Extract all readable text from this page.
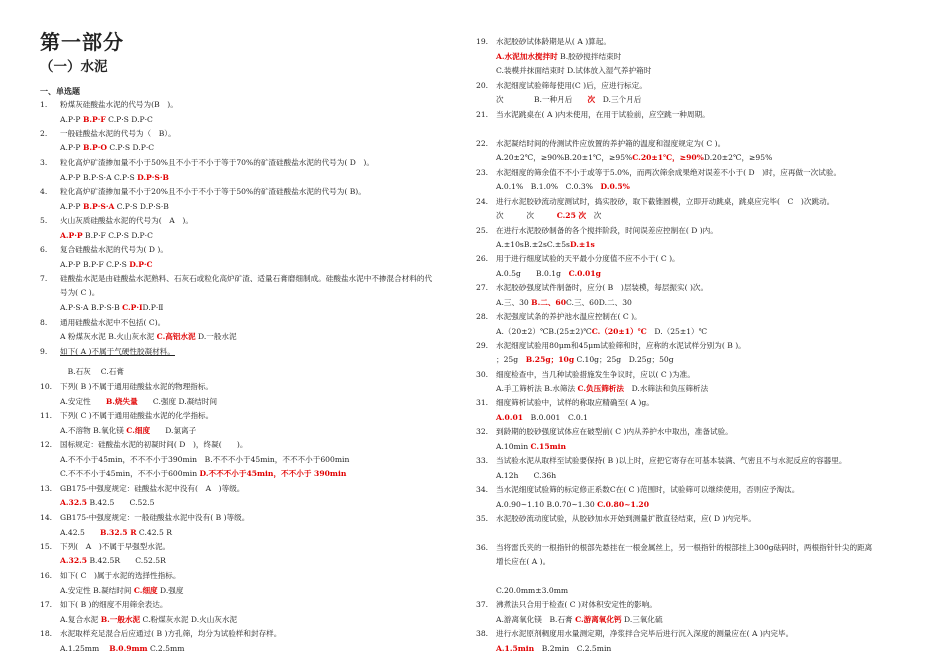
第一部分
（一）水泥
一、单选题
1. 粉煤灰硅酸盐水泥的代号为(B　)。
A.P·P B.P·F C.P·S D.P·C
2. 一般硅酸盐水泥的代号为（　B）。
A.P·P B.P·O C.P·S D.P·C
3. 粒化高炉矿渣掺加量不小于50%且不小于不小于等于70%的矿渣硅酸盐水泥的代号为( D　)。
A.P·P B.P·S·A C.P·S D.P·S·B
4. 粒化高炉矿渣掺加量不小于20%且不小于不小于等于50%的矿渣硅酸盐水泥的代号为( B)。
A.P·P B.P·S·A C.P·S D.P·S·B
5. 火山灰质硅酸盐水泥的代号为(　A　)。
A.P·P B.P·F C.P·S D.P·C
6. 复合硅酸盐水泥的代号为( D )。
A.P·P B.P·F C.P·S D.P·C
7. 硅酸盐水泥是由硅酸盐水泥熟料、石灰石或粒化高炉矿渣、适量石膏磨细制成。硅酸盐水泥中不掺混合材料的代
号为( C )。
A.P·S·A B.P·S·B C.P·ⅠD.P·Ⅱ
8. 通用硅酸盐水泥中不包括( C)。
A 粉煤灰水泥 B.火山灰水泥 C.高铝水泥 D.一般水泥
9. 如下( A )不属于气硬性胶凝材料。
　B.石灰　 C.石膏
10. 下列( B )不属于通用硅酸盐水泥的物理指标。
A.安定性　　B.烧失量　　C.强度 D.凝结时间
11. 下列( C )不属于通用硅酸盐水泥的化学指标。
A.不溶物 B.氧化镁 C.细度　　D.氯离子
12. 国标规定：硅酸盐水泥的初凝时间( D　)，终凝(　　)。
A.不不小于45min，不不不小于390min　B.不不不小于45min，不不不小于600min
C.不不不小于45min，不不小于600min D.不不不小于45min，不不小于 390min
13. GB175-中强度规定：硅酸盐水泥中没有(　A　)等级。
A.32.5 B.42.5　　C.52.5
14. GB175-中强度规定：一般硅酸盐水泥中没有( B )等级。
A.42.5　　B.32.5 R C.42.5 R
15. 下列(　A　)不属于早强型水泥。
A.32.5 B.42.5R　　C.52.5R
16. 如下( C　)属于水泥的选择性指标。
A.安定性 B.凝结时间 C.细度 D.强度
17. 如下( B )的细度不用筛余表达。
A.复合水泥 B.一般水泥 C.粉煤灰水泥 D.火山灰水泥
18. 水泥取样充足混合后应通过( B )方孔筛，均分为试验样和封存样。
A.1.25mm　 B.0.9mm C.2.5mm
19. 水泥胶砂试体龄期是从( A )算起。
A.水泥加水搅拌时 B.胶砂搅拌结束时
C.装模并抹面结束时 D.试体放入湿气养护箱时
20. 水泥细度试验筛每使用(C )后，应进行标定。
次　　　　B.一种月后　　次　D.三个月后
21. 当水泥跳桌在( A )内未使用，在用于试验前，应空跳一种周期。
22. 水泥凝结时间的侍测试件应放置的养护箱的温度和湿度规定为( C )。
A.20±2℃，≥90%B.20±1℃，≥95%C.20±1℃，≥90%D.20±2℃，≥95%
23. 水泥细度的筛余值不不小于或等于5.0%，而两次筛余成果绝对误差不小于( D　)时，应再做一次试验。
A.0.1%　B.1.0%　C.0.3%　D.0.5%
24. 进行水泥胶砂流动度测试时，捣实胶砂，取下截锥圆模，立即开动跳桌，跳桌应完毕(　C　)次跳动。
次　　　次　　　C.25 次　次
25. 在进行水泥胶砂制备的各个搅拌阶段，时间误差应控制在( D )内。
A.±10sB.±2sC.±5sD.±1s
26. 用于进行细度试验的天平最小分度值不应不小于( C )。
A.0.5g　　B.0.1g　C.0.01g
27. 水泥胶砂强度试件制备时，应分( B　)层装模，每层振实( )次。
A.三、30 B.二、60C.三、60D.二、30
28. 水泥强度试条的养护池水温应控制在( C )。
A.（20±2）℃B.(25±2)℃C.（20±1）℃　D.（25±1）℃
29. 水泥细度试验用80μm和45μm试验筛和时，应称的水泥试样分别为( B )。
；25g　B.25g；10g C.10g；25g　D.25g；50g
30. 细度检查中，当几种试验措施发生争议时，应以( C )为准。
A.手工筛析法 B.水筛法 C.负压筛析法　D.水筛法和负压筛析法
31. 细度筛析试验中，试样的称取应精确至( A )g。
A.0.01　B.0.001　C.0.1
32. 到龄期的胶砂强度试体应在破型前( C )内从养护水中取出，准备试验。
A.10min C.15min
33. 当试验水泥从取样至试验要保持( B )以上时，应把它寄存在可基本装满、气密且不与水泥反应的容器里。
A.12h　　C.36h
34. 当水泥细度试验筛的标定修正系数C在( C )范围时，试验筛可以继续使用，否则应予淘汰。
A.0.90~1.10 B.0.70~1.30 C.0.80~1.20
35. 水泥胶砂流动度试验，从胶砂加水开始到测量扩散直径结束，应( D )内完毕。
36. 当将雷氏夹的一根指针的根部先悬挂在一根金属丝上，另一根指针的根部挂上300g砝码时，两根指针针尖的距离
增长应在( A )。
C.20.0mm±3.0mm
37. 沸煮法只合用于检查( C )对体积安定性的影响。
A.游离氧化镁　B.石膏 C.游离氧化钙 D.三氧化硫
38. 进行水泥原剂稠度用水量测定期，净浆拌合完毕后进行沉入深度的测量应在( A )内完毕。
A.1.5min　B.2min　C.2.5min
